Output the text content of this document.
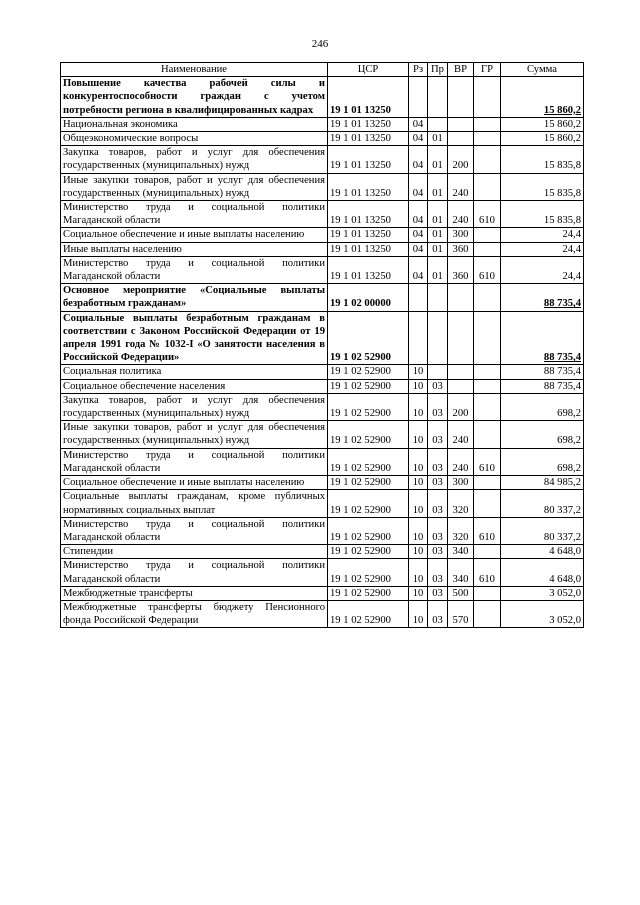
246
Наименование	ЦСР	Рз	Пр	ВР	ГР	Сумма
Повышение качества рабочей силы и конкурентоспособности граждан с учетом потребности региона в квалифицированных кадрах	19 1 01 13250					15 860,2
Национальная экономика	19 1 01 13250	04				15 860,2
Общеэкономические вопросы	19 1 01 13250	04	01			15 860,2
Закупка товаров, работ и услуг для обеспечения государственных (муниципальных) нужд	19 1 01 13250	04	01	200		15 835,8
Иные закупки товаров, работ и услуг для обеспечения государственных (муниципальных) нужд	19 1 01 13250	04	01	240		15 835,8
Министерство труда и социальной политики Магаданской области	19 1 01 13250	04	01	240	610	15 835,8
Социальное обеспечение и иные выплаты населению	19 1 01 13250	04	01	300		24,4
Иные выплаты населению	19 1 01 13250	04	01	360		24,4
Министерство труда и социальной политики Магаданской области	19 1 01 13250	04	01	360	610	24,4
Основное мероприятие «Социальные выплаты безработным гражданам»	19 1 02 00000					88 735,4
Социальные выплаты безработным гражданам в соответствии с Законом Российской Федерации от 19 апреля 1991 года № 1032-I «О занятости населения в Российской Федерации»	19 1 02 52900					88 735,4
Социальная политика	19 1 02 52900	10				88 735,4
Социальное обеспечение населения	19 1 02 52900	10	03			88 735,4
Закупка товаров, работ и услуг для обеспечения государственных (муниципальных) нужд	19 1 02 52900	10	03	200		698,2
Иные закупки товаров, работ и услуг для обеспечения государственных (муниципальных) нужд	19 1 02 52900	10	03	240		698,2
Министерство труда и социальной политики Магаданской области	19 1 02 52900	10	03	240	610	698,2
Социальное обеспечение и иные выплаты населению	19 1 02 52900	10	03	300		84 985,2
Социальные выплаты гражданам, кроме публичных нормативных социальных выплат	19 1 02 52900	10	03	320		80 337,2
Министерство труда и социальной политики Магаданской области	19 1 02 52900	10	03	320	610	80 337,2
Стипендии	19 1 02 52900	10	03	340		4 648,0
Министерство труда и социальной политики Магаданской области	19 1 02 52900	10	03	340	610	4 648,0
Межбюджетные трансферты	19 1 02 52900	10	03	500		3 052,0
Межбюджетные трансферты бюджету Пенсионного фонда Российской Федерации	19 1 02 52900	10	03	570		3 052,0
